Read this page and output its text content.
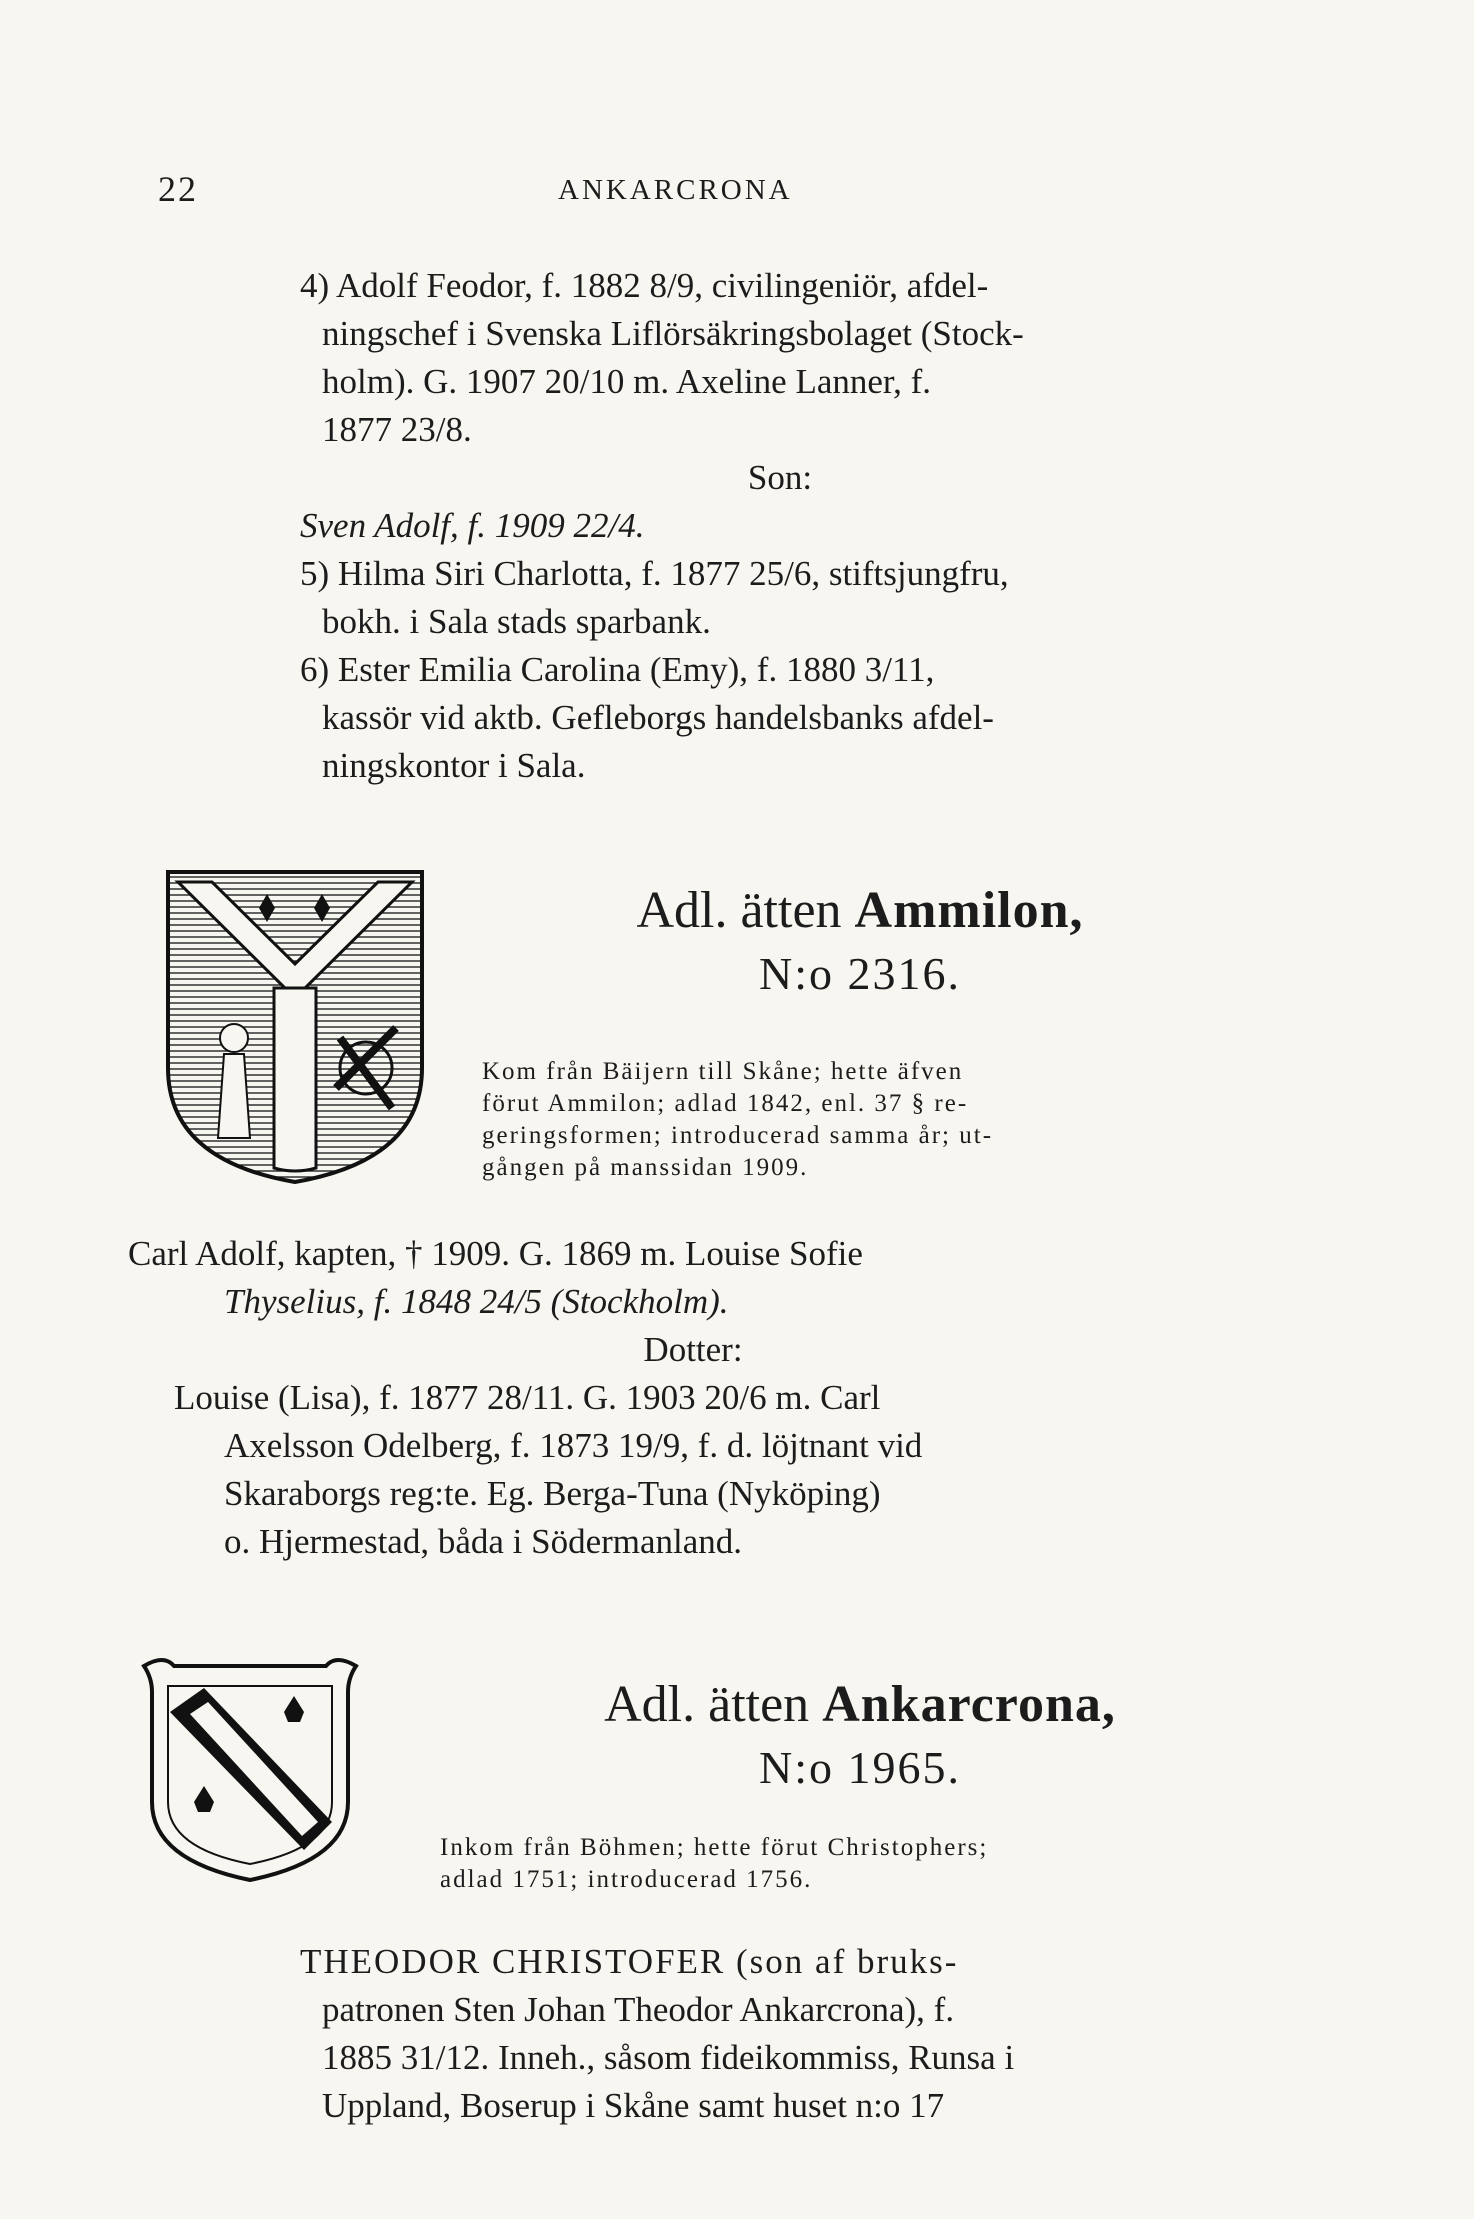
22	ANKARCRONA
4) Adolf Feodor, f. 1882 8/9, civilingeniör, afdel-
ningschef i Svenska Liflörsäkringsbolaget (Stock-
holm). G. 1907 20/10 m. Axeline Lanner, f.
1877 23/8.
Son:
Sven Adolf, f. 1909 22/4.
5) Hilma Siri Charlotta, f. 1877 25/6, stiftsjungfru,
bokh. i Sala stads sparbank.
6) Ester Emilia Carolina (Emy), f. 1880 3/11,
kassör vid aktb. Gefleborgs handelsbanks afdel-
ningskontor i Sala.
Adl. ätten Ammilon,
N:o 2316.
Kom från Bäijern till Skåne; hette äfven
förut Ammilon; adlad 1842, enl. 37 § re-
geringsformen; introducerad samma år; ut-
gången på manssidan 1909.
Carl Adolf, kapten, † 1909. G. 1869 m. Louise Sofie
Thyselius, f. 1848 24/5 (Stockholm).
Dotter:
Louise (Lisa), f. 1877 28/11. G. 1903 20/6 m. Carl
Axelsson Odelberg, f. 1873 19/9, f. d. löjtnant vid
Skaraborgs reg:te. Eg. Berga-Tuna (Nyköping)
o. Hjermestad, båda i Södermanland.
Adl. ätten Ankarcrona,
N:o 1965.
Inkom från Böhmen; hette förut Christophers;
adlad 1751; introducerad 1756.
THEODOR CHRISTOFER (son af bruks-
patronen Sten Johan Theodor Ankarcrona), f.
1885 31/12. Inneh., såsom fideikommiss, Runsa i
Uppland, Boserup i Skåne samt huset n:o 17
